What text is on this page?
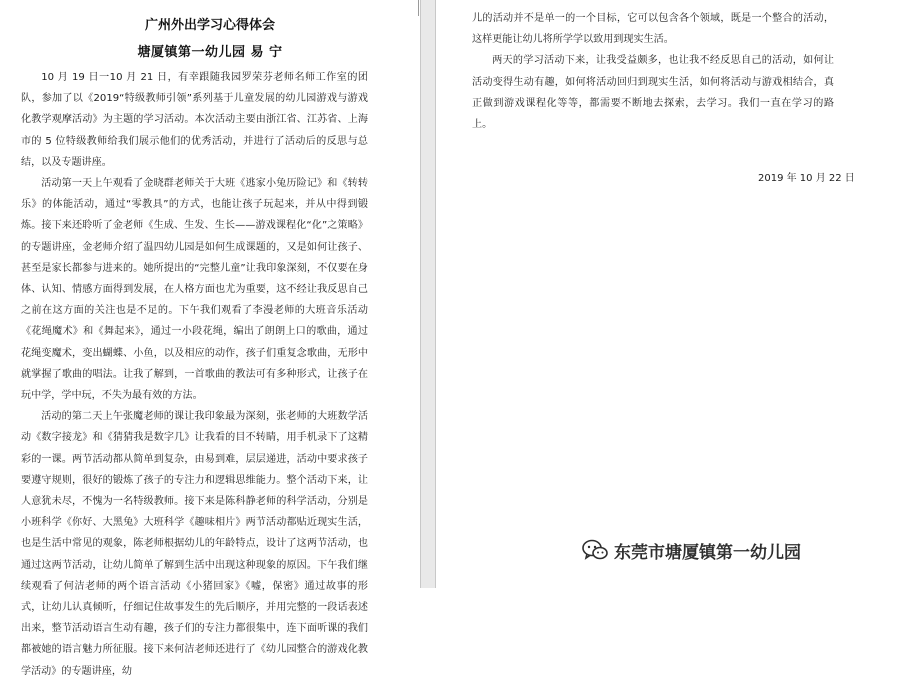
广州外出学习心得体会
塘厦镇第一幼儿园 易 宁

10 月 19 日一10 月 21 日，有幸跟随我园罗荣芬老师名师工作室的团队，参加了以《2019“特级教师引领”系列基于儿童发展的幼儿园游戏与游戏化教学观摩活动》为主题的学习活动。本次活动主要由浙江省、江苏省、上海市的 5 位特级教师给我们展示他们的优秀活动，并进行了活动后的反思与总结，以及专题讲座。

活动第一天上午观看了金晓群老师关于大班《逃家小兔历险记》和《转转乐》的体能活动，通过“零教具”的方式，也能让孩子玩起来，并从中得到锻炼。接下来还聆听了金老师《生成、生发、生长——游戏课程化“化”之策略》的专题讲座，金老师介绍了温四幼儿园是如何生成课题的，又是如何让孩子、甚至是家长都参与进来的。她所提出的“完整儿童”让我印象深刻，不仅要在身体、认知、情感方面得到发展，在人格方面也尤为重要，这不经让我反思自己之前在这方面的关注也是不足的。下午我们观看了李漫老师的大班音乐活动《花绳魔术》和《舞起来》，通过一小段花绳，编出了朗朗上口的歌曲，通过花绳变魔术，变出蝴蝶、小鱼，以及相应的动作，孩子们重复念歌曲，无形中就掌握了歌曲的唱法。让我了解到，一首歌曲的教法可有多种形式，让孩子在玩中学，学中玩，不失为最有效的方法。

活动的第二天上午张魔老师的课让我印象最为深刻，张老师的大班数学活动《数字接龙》和《猜猜我是数字几》让我看的目不转睛，用手机录下了这精彩的一课。两节活动都从简单到复杂，由易到难，层层递进，活动中要求孩子要遵守规则，很好的锻炼了孩子的专注力和逻辑思维能力。整个活动下来，让人意犹未尽，不愧为一名特级教师。接下来是陈科静老师的科学活动，分别是小班科学《你好、大黑兔》大班科学《趣味相片》两节活动都贴近现实生活，也是生活中常见的观象，陈老师根据幼儿的年龄特点，设计了这两节活动，也通过这两节活动，让幼儿简单了解到生活中出现这种现象的原因。下午我们继续观看了何洁老师的两个语言活动《小猪回家》《嘘，保密》通过故事的形式，让幼儿认真倾听，仔细记住故事发生的先后顺序，并用完整的一段话表述出来，整节活动语言生动有趣，孩子们的专注力都很集中，连下面听课的我们都被她的语言魅力所征服。接下来何洁老师还进行了《幼儿园整合的游戏化教学活动》的专题讲座，幼

儿的活动并不是单一的一个目标，它可以包含各个领域，既是一个整合的活动，这样更能让幼儿将所学学以致用到现实生活。

两天的学习活动下来，让我受益颇多，也让我不经反思自己的活动，如何让活动变得生动有趣，如何将活动回归到现实生活，如何将活动与游戏相结合，真正做到游戏课程化等等，都需要不断地去探索，去学习。我们一直在学习的路上。

2019 年 10 月 22 日
东莞市塘厦镇第一幼儿园
